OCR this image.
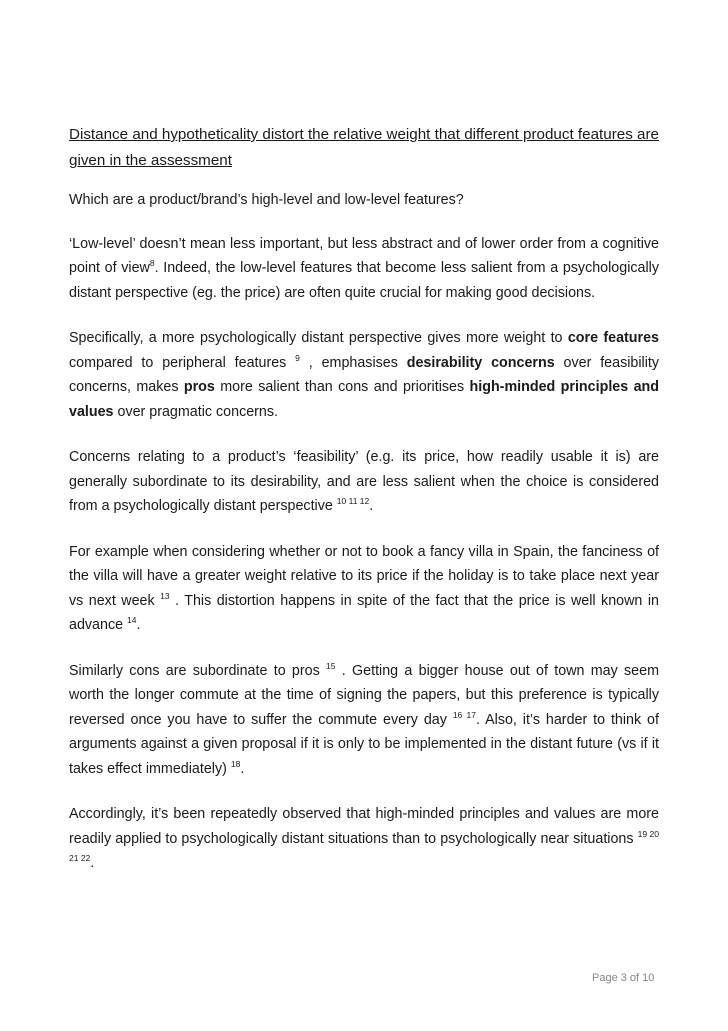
Distance and hypotheticality distort the relative weight that different product features are given in the assessment

Which are a product/brand’s high-level and low-level features?

‘Low-level’ doesn’t mean less important, but less abstract and of lower order from a cognitive point of view$^8$. Indeed, the low-level features that become less salient from a psychologically distant perspective (eg. the price) are often quite crucial for making good decisions.

Specifically, a more psychologically distant perspective gives more weight to core features compared to peripheral features $^9$ , emphasises desirability concerns over feasibility concerns, makes pros more salient than cons and prioritises high-minded principles and values over pragmatic concerns.

Concerns relating to a product’s ‘feasibility’ (e.g. its price, how readily usable it is) are generally subordinate to its desirability, and are less salient when the choice is considered from a psychologically distant perspective $^{10 11 12}$.

For example when considering whether or not to book a fancy villa in Spain, the fanciness of the villa will have a greater weight relative to its price if the holiday is to take place next year vs next week $^{13}$ . This distortion happens in spite of the fact that the price is well known in advance $^{14}$.

Similarly cons are subordinate to pros $^{15}$ . Getting a bigger house out of town may seem worth the longer commute at the time of signing the papers, but this preference is typically reversed once you have to suffer the commute every day $^{16 17}$. Also, it’s harder to think of arguments against a given proposal if it is only to be implemented in the distant future (vs if it takes effect immediately) $^{18}$.

Accordingly, it’s been repeatedly observed that high-minded principles and values are more readily applied to psychologically distant situations than to psychologically near situations $^{19 20 21 22}$.

Page 3 of 10
